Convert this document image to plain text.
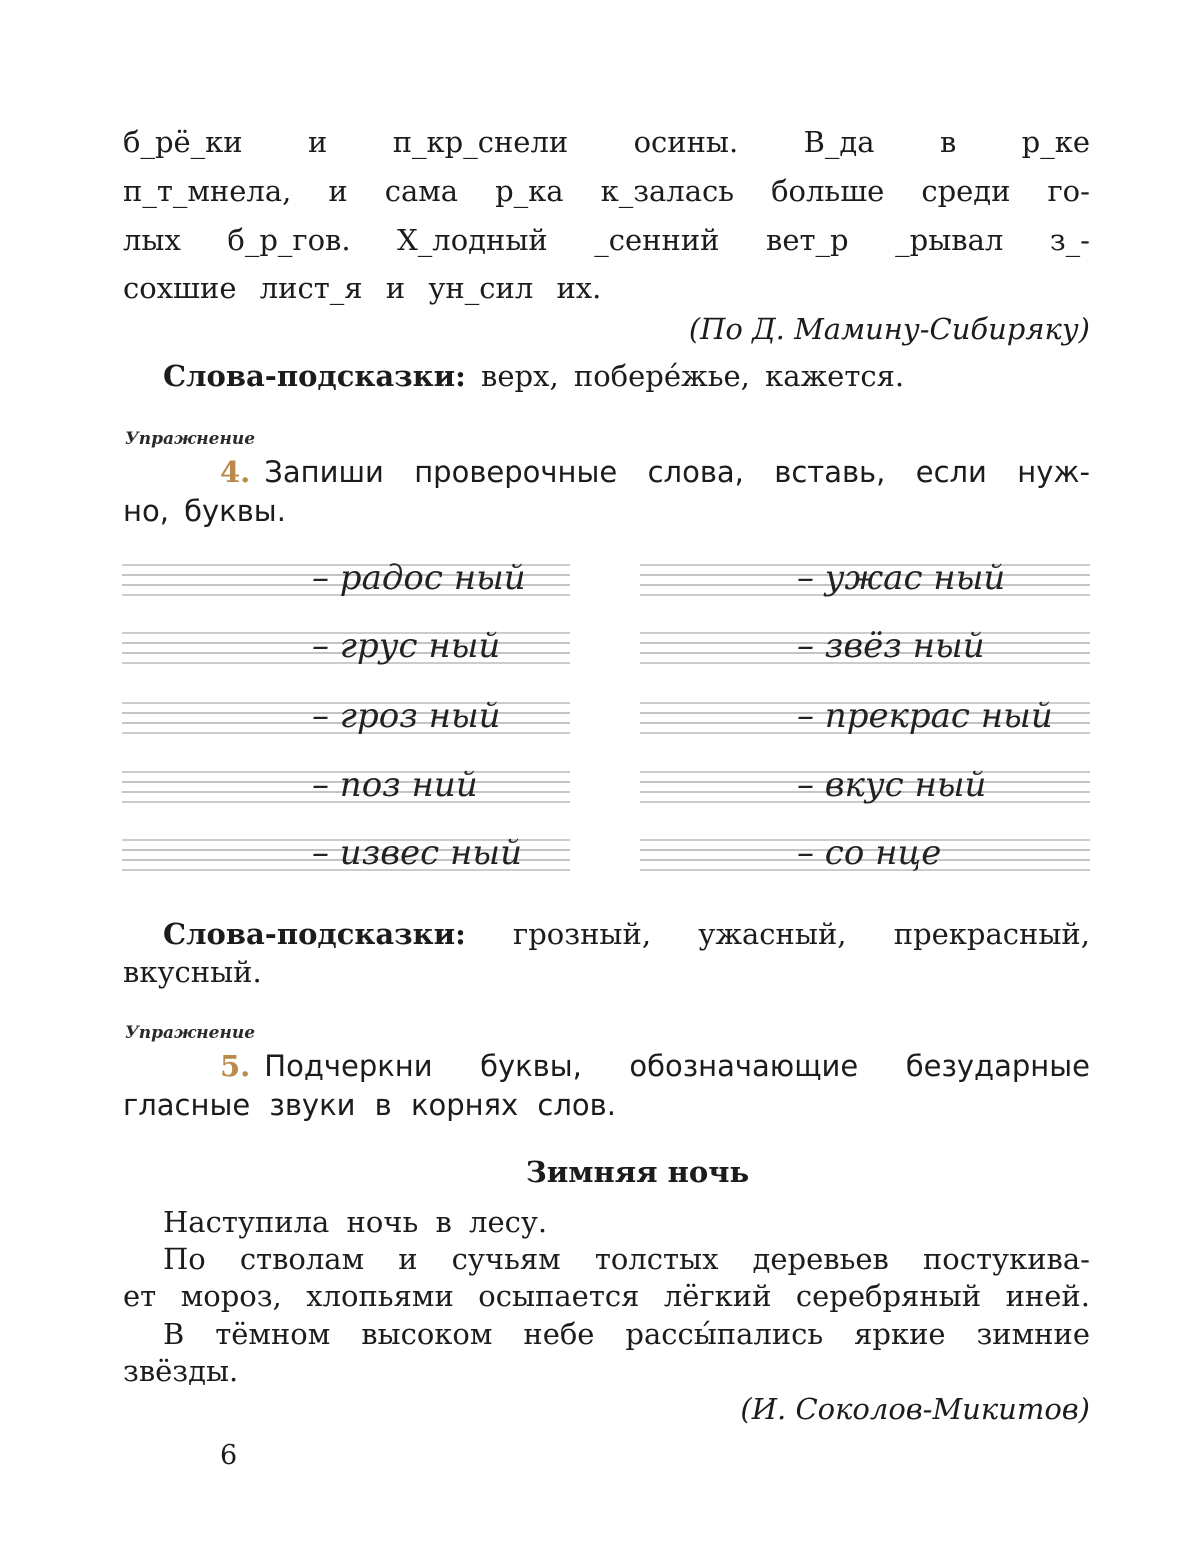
б_рё_ки и п_кр_снели осины. В_да в р_ке
п_т_мнела, и сама р_ка к_залась больше среди го-
лых б_р_гов. Х_лодный _сенний вет_р _рывал з_-
сохшие лист_я и ун_сил их.
(По Д. Мамину-Сибиряку)
Слова-подсказки: верх, побере́жье, кажется.
Упражнение
4. Запиши проверочные слова, вставь, если нуж-
но, буквы.
– радос ный
– грус ный
– гроз ный
– поз ний
– извес ный
– ужас ный
– звёз ный
– прекрас ный
– вкус ный
– со нце
Слова-подсказки: грозный, ужасный, прекрасный,
вкусный.
Упражнение
5. Подчеркни буквы, обозначающие безударные
гласные звуки в корнях слов.
Зимняя ночь
Наступила ночь в лесу.
По стволам и сучьям толстых деревьев постукива-
ет мороз, хлопьями осыпается лёгкий серебряный иней.
В тёмном высоком небе рассы́пались яркие зимние
звёзды.
(И. Соколов-Микитов)
6
